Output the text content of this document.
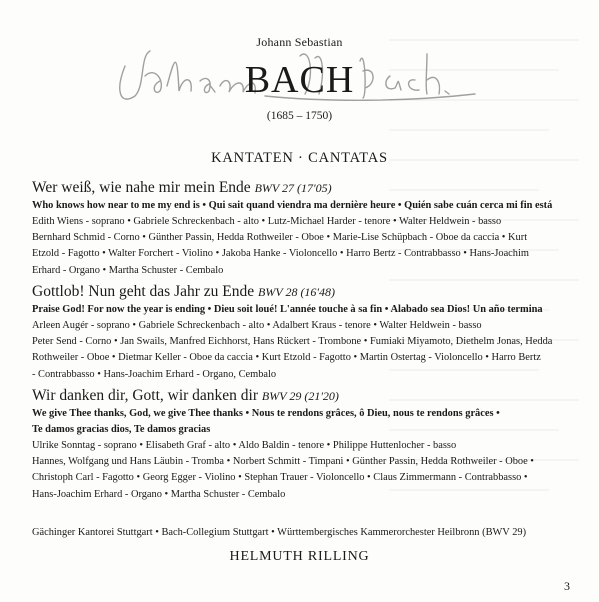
Johann Sebastian
BACH
(1685 – 1750)
KANTATEN · CANTATAS
Wer weiß, wie nahe mir mein Ende BWV 27 (17'05)
Who knows how near to me my end is • Qui sait quand viendra ma dernière heure • Quién sabe cuán cerca mi fin está
Edith Wiens - soprano • Gabriele Schreckenbach - alto • Lutz-Michael Harder - tenore • Walter Heldwein - basso
Bernhard Schmid - Corno • Günther Passin, Hedda Rothweiler - Oboe • Marie-Lise Schüpbach - Oboe da caccia • Kurt
Etzold - Fagotto • Walter Forchert - Violino • Jakoba Hanke - Violoncello • Harro Bertz - Contrabbasso • Hans-Joachim
Erhard - Organo • Martha Schuster - Cembalo
Gottlob! Nun geht das Jahr zu Ende BWV 28 (16'48)
Praise God! For now the year is ending • Dieu soit loué! L'année touche à sa fin • Alabado sea Dios! Un año termina
Arleen Augér - soprano • Gabriele Schreckenbach - alto • Adalbert Kraus - tenore • Walter Heldwein - basso
Peter Send - Corno • Jan Swails, Manfred Eichhorst, Hans Rückert - Trombone • Fumiaki Miyamoto, Diethelm Jonas, Hedda
Rothweiler - Oboe • Dietmar Keller - Oboe da caccia • Kurt Etzold - Fagotto • Martin Ostertag - Violoncello • Harro Bertz
- Contrabbasso • Hans-Joachim Erhard - Organo, Cembalo
Wir danken dir, Gott, wir danken dir BWV 29 (21'20)
We give Thee thanks, God, we give Thee thanks • Nous te rendons grâces, ô Dieu, nous te rendons grâces •
Te damos gracias dios, Te damos gracias
Ulrike Sonntag - soprano • Elisabeth Graf - alto • Aldo Baldin - tenore • Philippe Huttenlocher - basso
Hannes, Wolfgang und Hans Läubin - Tromba • Norbert Schmitt - Timpani • Günther Passin, Hedda Rothweiler - Oboe •
Christoph Carl - Fagotto • Georg Egger - Violino • Stephan Trauer - Violoncello • Claus Zimmermann - Contrabbasso •
Hans-Joachim Erhard - Organo • Martha Schuster - Cembalo
Gächinger Kantorei Stuttgart • Bach-Collegium Stuttgart • Württembergisches Kammerorchester Heilbronn (BWV 29)
HELMUTH RILLING
3
